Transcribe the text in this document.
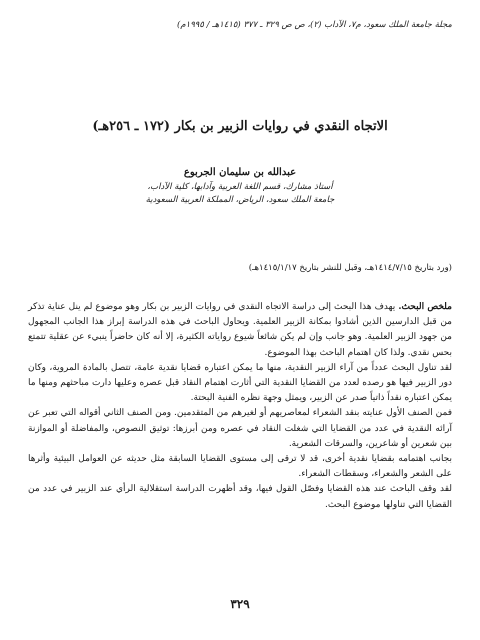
مجلة جامعة الملك سعود، م٧، الآداب (٢)، ص ص ٣٢٩ ـ ٣٧٧ (١٤١٥هـ / ١٩٩٥م)
الاتجاه النقدي في روايات الزبير بن بكار (١٧٢ ـ ٢٥٦هـ)
عبدالله بن سليمان الجربوع
أستاذ مشارك، قسم اللغة العربية وآدابها، كلية الآداب،
جامعة الملك سعود، الرياض، المملكة العربية السعودية
(ورد بتاريخ ١٤١٤/٧/١٥هـ، وقبل للنشر بتاريخ ١٤١٥/١/١٧هـ)

ملخص البحث. يهدف هذا البحث إلى دراسة الاتجاه النقدي في روايات الزبير بن بكار وهو موضوع لم ينل عناية تذكر من قبل الدارسين الذين أشادوا بمكانة الزبير العلمية. ويحاول الباحث في هذه الدراسة إبراز هذا الجانب المجهول من جهود الزبير العلمية. وهو جانب وإن لم يكن شائعاً شيوع رواياته الكثيرة، إلا أنه كان حاضراً ينبيء عن عقلية تتمتع بحس نقدي. ولذا كان اهتمام الباحث بهذا الموضوع.

لقد تناول البحث عدداً من آراء الزبير النقدية، منها ما يمكن اعتباره قضايا نقدية عامة، تتصل بالمادة المروية، وكان دور الزبير فيها هو رصده لعدد من القضايا النقدية التي أثارت اهتمام النقاد قبل عصره وعليها دارت مباحثهم ومنها ما يمكن اعتباره نقداً ذاتياً صدر عن الزبير، ويمثل وجهة نظره الفنية البحتة.

فمن الصنف الأول عنايته بنقد الشعراء لمعاصريهم أو لغيرهم من المتقدمين. ومن الصنف الثاني أقواله التي تعبر عن آرائه النقدية في عدد من القضايا التي شغلت النقاد في عصره ومن أبرزها: توثيق النصوص، والمفاضلة أو الموازنة بين شعرين أو شاعرين، والسرقات الشعرية.

بجانب اهتمامه بقضايا نقدية أخرى، قد لا ترقى إلى مستوى القضايا السابقة مثل حديثه عن العوامل البيئية وأثرها على الشعر والشعراء، وسقطات الشعراء.

لقد وقف الباحث عند هذه القضايا وفصّل القول فيها، وقد أظهرت الدراسة استقلالية الرأي عند الزبير في عدد من القضايا التي تناولها موضوع البحث.

٣٢٩
